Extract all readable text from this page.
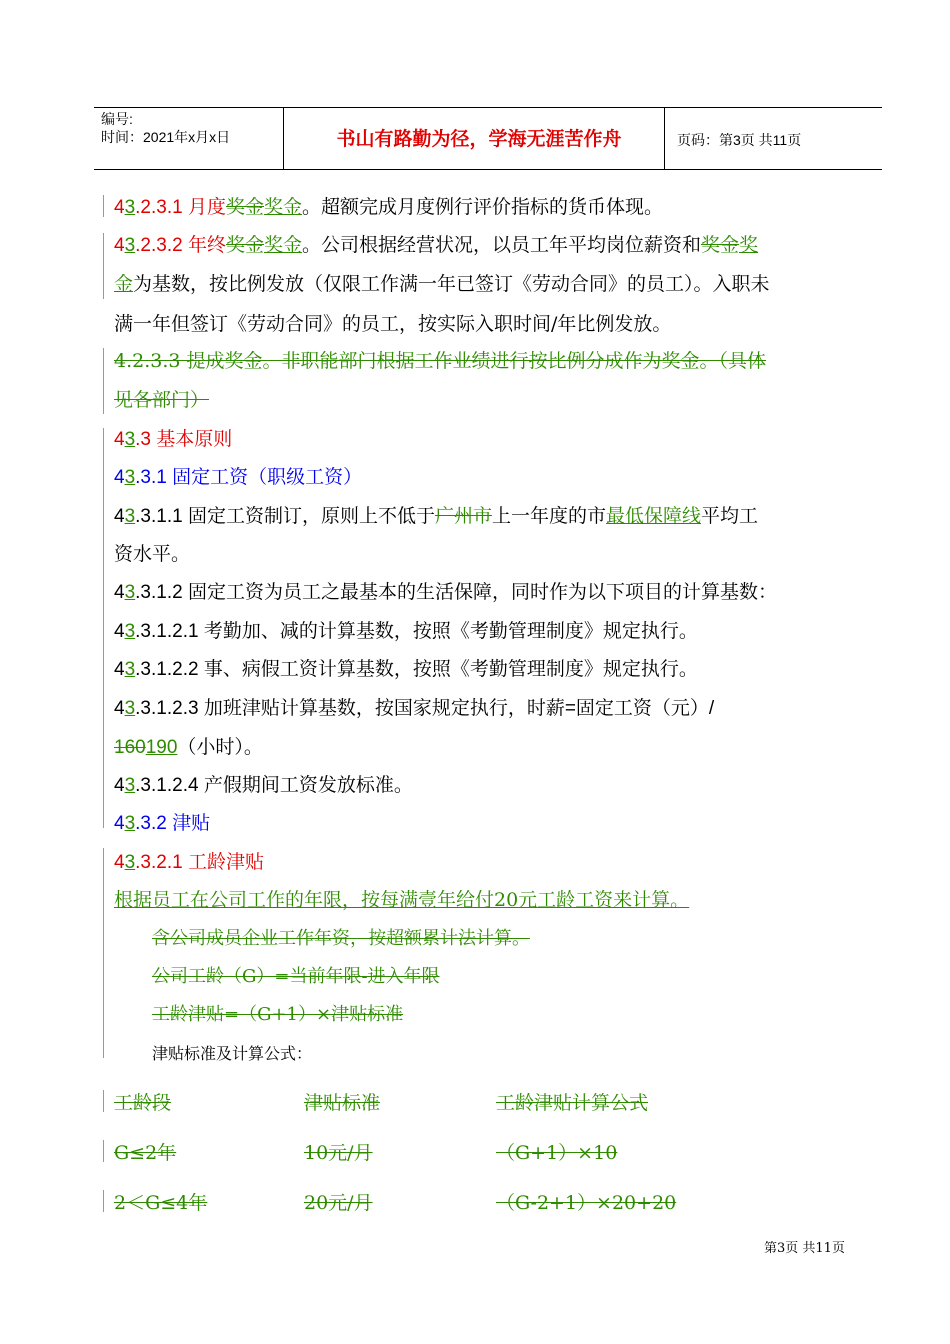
编号:
时间：2021年x月x日	书山有路勤为径，学海无涯苦作舟	页码：第3页 共11页
43.2.3.1 月度奖金奖金。超额完成月度例行评价指标的货币体现。
43.2.3.2 年终奖金奖金。公司根据经营状况，以员工年平均岗位薪资和奖金奖
金为基数，按比例发放（仅限工作满一年已签订《劳动合同》的员工）。入职未
满一年但签订《劳动合同》的员工，按实际入职时间/年比例发放。
4.2.3.3 提成奖金。非职能部门根据工作业绩进行按比例分成作为奖金。（具体
见各部门）
43.3 基本原则
43.3.1 固定工资（职级工资）
43.3.1.1 固定工资制订，原则上不低于广州市上一年度的市最低保障线平均工
资水平。
43.3.1.2 固定工资为员工之最基本的生活保障，同时作为以下项目的计算基数：
43.3.1.2.1 考勤加、减的计算基数，按照《考勤管理制度》规定执行。
43.3.1.2.2 事、病假工资计算基数，按照《考勤管理制度》规定执行。
43.3.1.2.3 加班津贴计算基数，按国家规定执行，时薪=固定工资（元）/
160190（小时）。
43.3.1.2.4 产假期间工资发放标准。
43.3.2 津贴
43.3.2.1 工龄津贴
根据员工在公司工作的年限，按每满壹年给付20元工龄工资来计算。
含公司成员企业工作年资，按超额累计法计算。
公司工龄（G）=当前年限-进入年限
工龄津贴=（G+1）×津贴标准
津贴标准及计算公式：
工龄段	津贴标准	工龄津贴计算公式
G≤2年	10元/月	（G+1）×10
2＜G≤4年	20元/月	（G-2+1）×20+20
第3页 共11页
